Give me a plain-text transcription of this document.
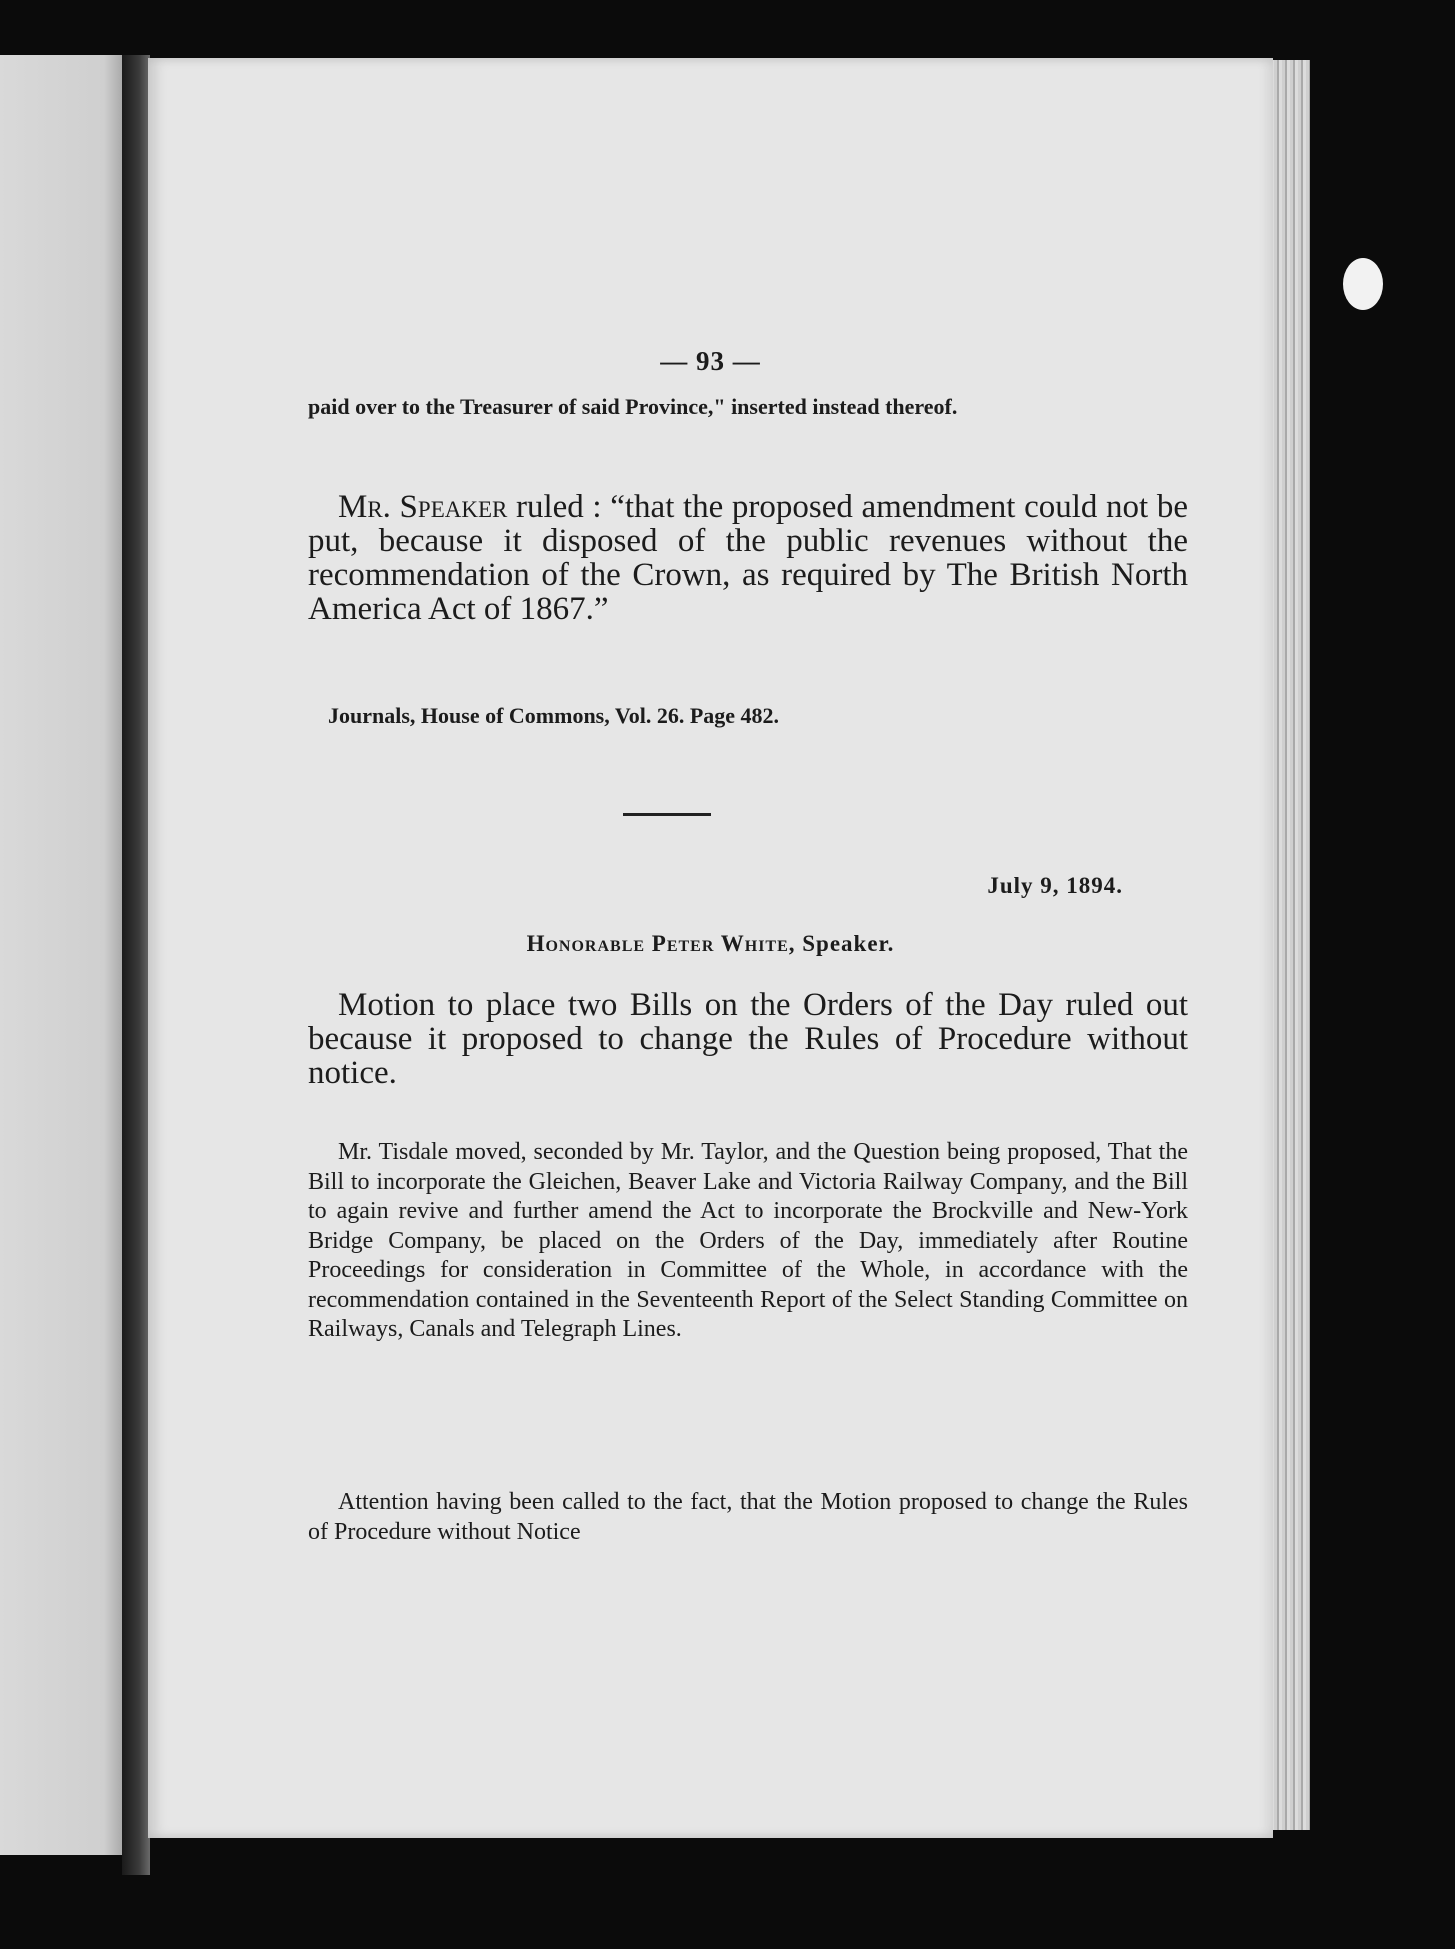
— 93 —
paid over to the Treasurer of said Province," inserted instead thereof.
Mr. Speaker ruled : “that the proposed amendment could not be put, because it disposed of the public revenues without the recommendation of the Crown, as required by The British North America Act of 1867.”
Journals, House of Commons, Vol. 26. Page 482.
July 9, 1894.
Honorable Peter White, Speaker.
Motion to place two Bills on the Orders of the Day ruled out because it proposed to change the Rules of Procedure without notice.
Mr. Tisdale moved, seconded by Mr. Taylor, and the Question being proposed, That the Bill to incorporate the Gleichen, Beaver Lake and Victoria Railway Company, and the Bill to again revive and further amend the Act to incorporate the Brockville and New-York Bridge Company, be placed on the Orders of the Day, immediately after Routine Proceedings for consideration in Committee of the Whole, in accordance with the recommendation contained in the Seventeenth Report of the Select Standing Committee on Railways, Canals and Telegraph Lines.
Attention having been called to the fact, that the Motion proposed to change the Rules of Procedure without Notice
